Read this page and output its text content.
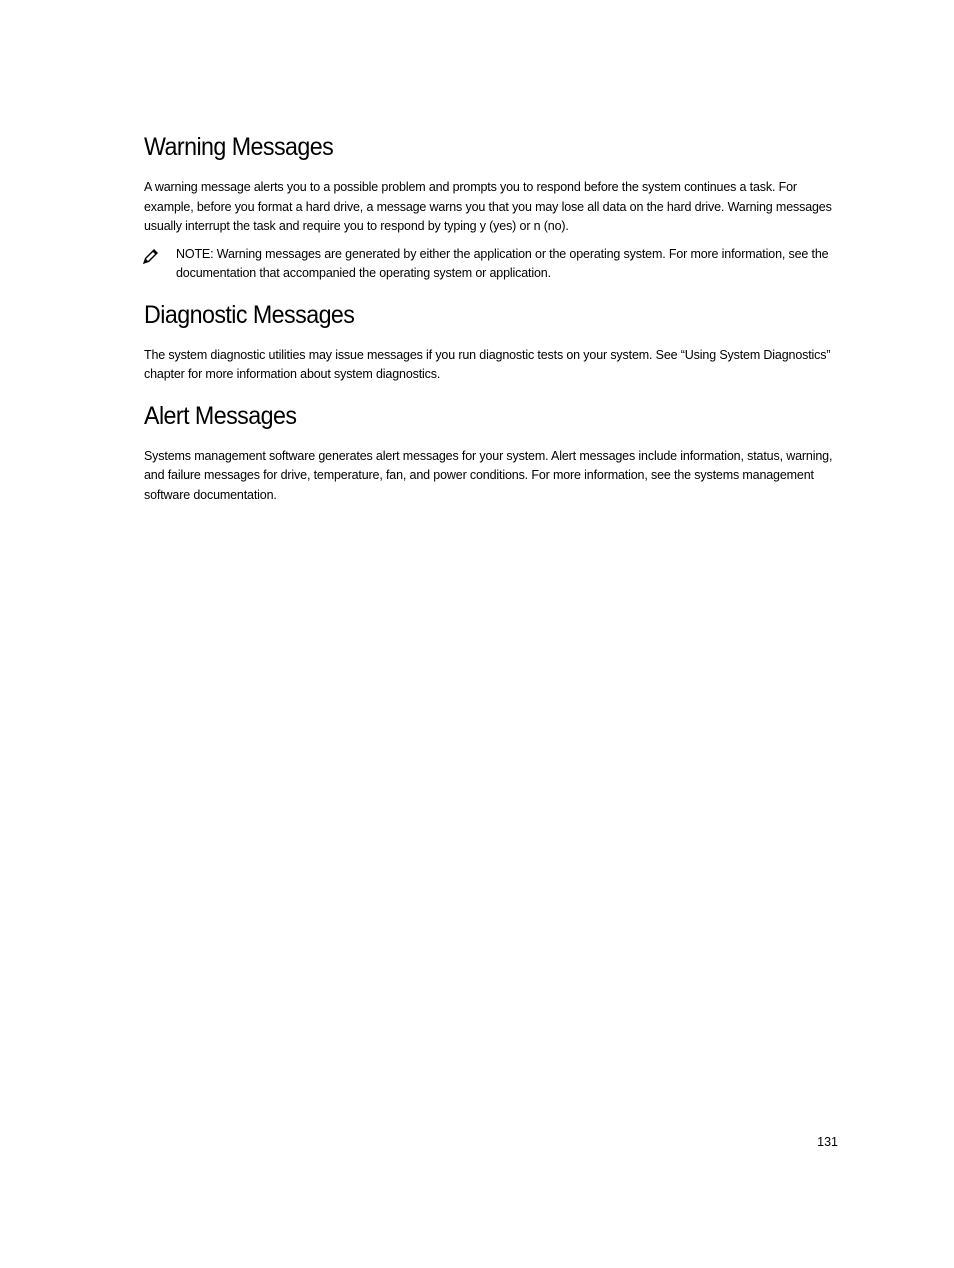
Warning Messages

A warning message alerts you to a possible problem and prompts you to respond before the system continues a task. For example, before you format a hard drive, a message warns you that you may lose all data on the hard drive. Warning messages usually interrupt the task and require you to respond by typing y (yes) or n (no).

NOTE: Warning messages are generated by either the application or the operating system. For more information, see the documentation that accompanied the operating system or application.

Diagnostic Messages

The system diagnostic utilities may issue messages if you run diagnostic tests on your system. See “Using System Diagnostics” chapter for more information about system diagnostics.

Alert Messages

Systems management software generates alert messages for your system. Alert messages include information, status, warning, and failure messages for drive, temperature, fan, and power conditions. For more information, see the systems management software documentation.

131
